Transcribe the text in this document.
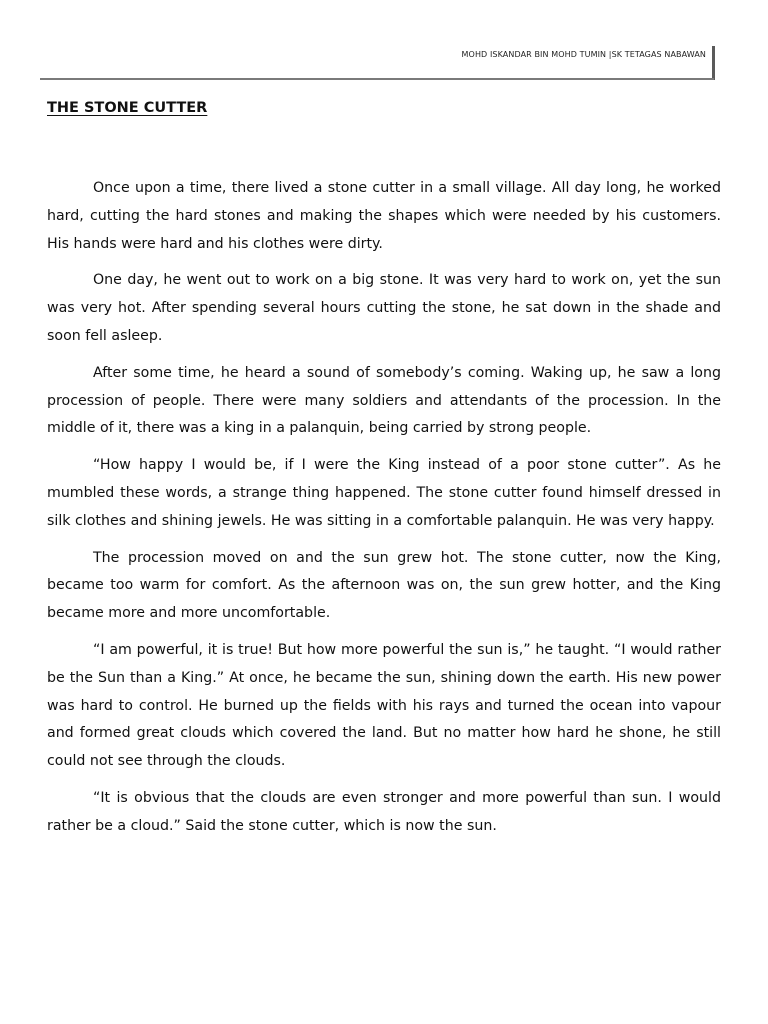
MOHD ISKANDAR BIN MOHD TUMIN |SK TETAGAS NABAWAN
THE STONE CUTTER

Once upon a time, there lived a stone cutter in a small village. All day long, he worked hard, cutting the hard stones and making the shapes which were needed by his customers. His hands were hard and his clothes were dirty.

One day, he went out to work on a big stone. It was very hard to work on, yet the sun was very hot. After spending several hours cutting the stone, he sat down in the shade and soon fell asleep.

After some time, he heard a sound of somebody’s coming. Waking up, he saw a long procession of people. There were many soldiers and attendants of the procession. In the middle of it, there was a king in a palanquin, being carried by strong people.

“How happy I would be, if I were the King instead of a poor stone cutter”. As he mumbled these words, a strange thing happened. The stone cutter found himself dressed in silk clothes and shining jewels. He was sitting in a comfortable palanquin. He was very happy.

The procession moved on and the sun grew hot. The stone cutter, now the King, became too warm for comfort. As the afternoon was on, the sun grew hotter, and the King became more and more uncomfortable.

“I am powerful, it is true! But how more powerful the sun is,” he taught. “I would rather be the Sun than a King.” At once, he became the sun, shining down the earth. His new power was hard to control. He burned up the fields with his rays and turned the ocean into vapour and formed great clouds which covered the land. But no matter how hard he shone, he still could not see through the clouds.

“It is obvious that the clouds are even stronger and more powerful than sun. I would rather be a cloud.” Said the stone cutter, which is now the sun.
